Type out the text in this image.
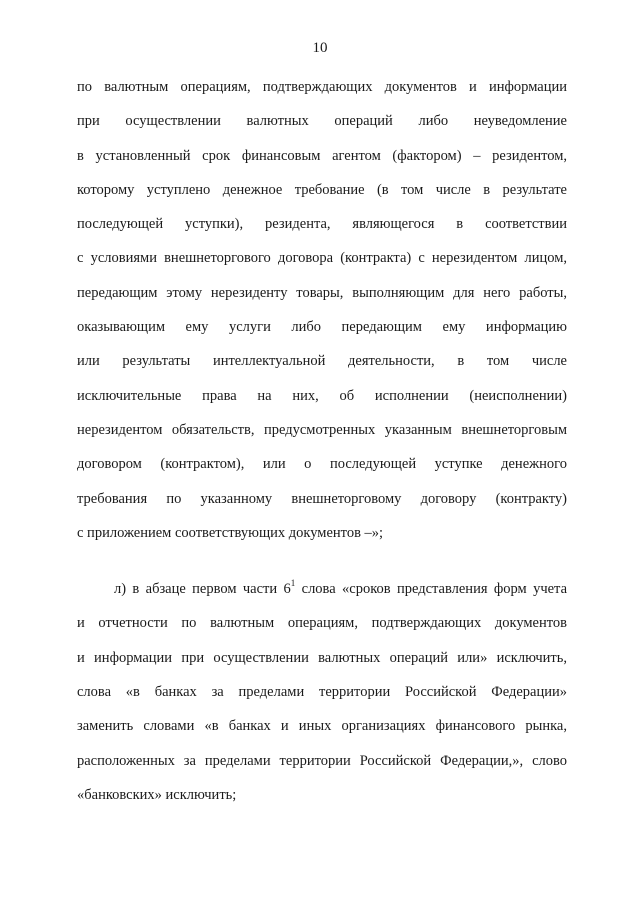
10
по валютным операциям, подтверждающих документов и информации
при осуществлении валютных операций либо неуведомление
в установленный срок финансовым агентом (фактором) – резидентом,
которому уступлено денежное требование (в том числе в результате
последующей уступки), резидента, являющегося в соответствии
с условиями внешнеторгового договора (контракта) с нерезидентом лицом,
передающим этому нерезиденту товары, выполняющим для него работы,
оказывающим ему услуги либо передающим ему информацию
или результаты интеллектуальной деятельности, в том числе
исключительные права на них, об исполнении (неисполнении)
нерезидентом обязательств, предусмотренных указанным внешнеторговым
договором (контрактом), или о последующей уступке денежного
требования по указанному внешнеторговому договору (контракту)
с приложением соответствующих документов –»;
л) в абзаце первом части $6^1$ слова «сроков представления форм учета
и отчетности по валютным операциям, подтверждающих документов
и информации при осуществлении валютных операций или» исключить,
слова «в банках за пределами территории Российской Федерации»
заменить словами «в банках и иных организациях финансового рынка,
расположенных за пределами территории Российской Федерации,», слово
«банковских» исключить;
